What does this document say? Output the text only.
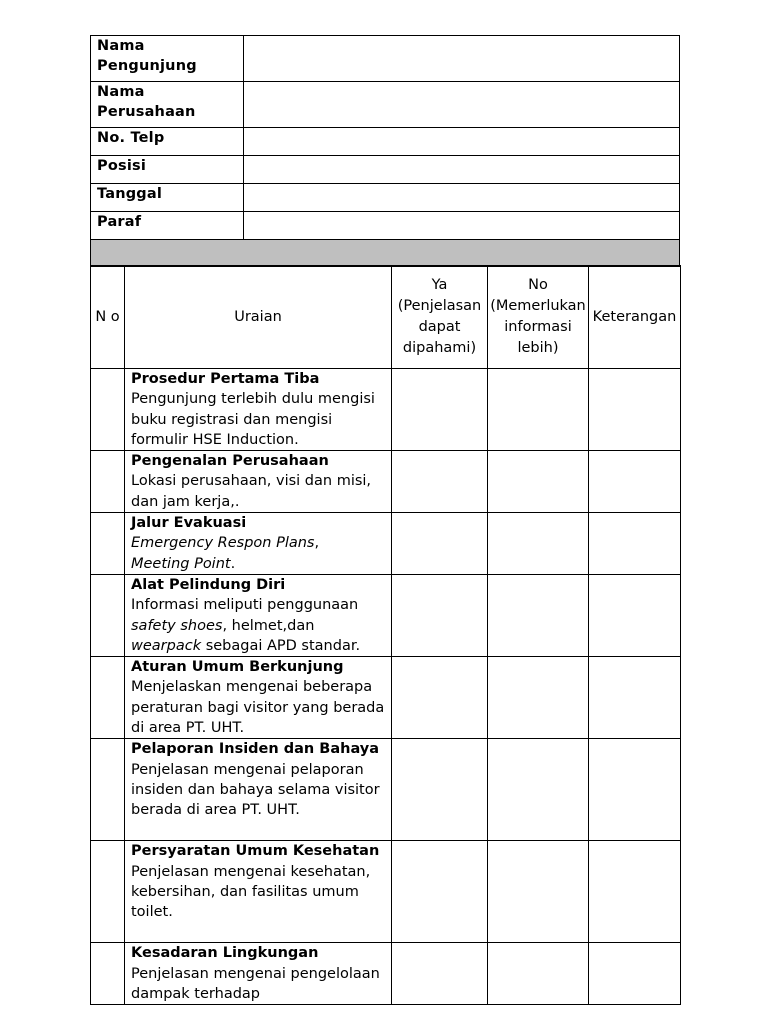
Nama Pengunjung	
Nama Perusahaan	
No. Telp	
Posisi	
Tanggal	
Paraf	

N o	Uraian	Ya (Penjelasan dapat dipahami)	No (Memerlukan informasi lebih)	Keterangan

	Prosedur Pertama Tiba
Pengunjung terlebih dulu mengisi buku registrasi dan mengisi formulir HSE Induction.			

	Pengenalan Perusahaan
Lokasi perusahaan, visi dan misi, dan jam kerja,.			

	Jalur Evakuasi
Emergency Respon Plans,
Meeting Point.			

	Alat Pelindung Diri
Informasi meliputi penggunaan
safety shoes, helmet,dan
wearpack sebagai APD standar.			

	Aturan Umum Berkunjung
Menjelaskan mengenai beberapa peraturan bagi visitor yang berada di area PT. UHT.			

	Pelaporan Insiden dan Bahaya
Penjelasan mengenai pelaporan insiden dan bahaya selama visitor berada di area PT. UHT.			

	Persyaratan Umum Kesehatan
Penjelasan mengenai kesehatan, kebersihan, dan fasilitas umum toilet.			

	Kesadaran Lingkungan
Penjelasan mengenai pengelolaan dampak terhadap			
